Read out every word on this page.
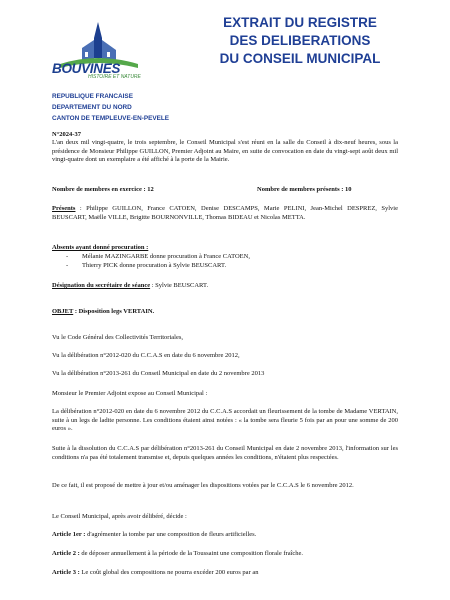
BOUVINES
HISTOIRE ET NATURE
EXTRAIT DU REGISTRE
DES DELIBERATIONS
DU CONSEIL MUNICIPAL
REPUBLIQUE FRANCAISE
DEPARTEMENT DU NORD
CANTON DE TEMPLEUVE-EN-PEVELE
N°2024-37
L'an deux mil vingt-quatre, le trois septembre, le Conseil Municipal s'est réuni en la salle du Conseil à dix-neuf heures, sous la présidence de Monsieur Philippe GUILLON, Premier Adjoint au Maire, en suite de convocation en date du vingt-sept août deux mil vingt-quatre dont un exemplaire a été affiché à la porte de la Mairie.
Nombre de membres en exercice : 12	Nombre de membres présents : 10
Présents : Philippe GUILLON, France CATOEN, Denise DESCAMPS, Marie PELINI, Jean-Michel DESPREZ, Sylvie BEUSCART, Maëlle VILLE, Brigitte BOURNONVILLE, Thomas BIDEAU et Nicolas METTA.
Absents ayant donné procuration :
- Mélanie MAZINGARBE donne procuration à France CATOEN,
- Thierry PICK donne procuration à Sylvie BEUSCART.
Désignation du secrétaire de séance : Sylvie BEUSCART.
OBJET : Disposition legs VERTAIN.
Vu le Code Général des Collectivités Territoriales,
Vu la délibération n°2012-020 du C.C.A.S en date du 6 novembre 2012,
Vu la délibération n°2013-261 du Conseil Municipal en date du 2 novembre 2013
Monsieur le Premier Adjoint expose au Conseil Municipal :
La délibération n°2012-020 en date du 6 novembre 2012 du C.C.A.S accordait un fleurissement de la tombe de Madame VERTAIN, suite à un legs de ladite personne. Les conditions étaient ainsi notées : « la tombe sera fleurie 5 fois par an pour une somme de 200 euros ».
Suite à la dissolution du C.C.A.S par délibération n°2013-261 du Conseil Municipal en date 2 novembre 2013, l'information sur les conditions n'a pas été totalement transmise et, depuis quelques années les conditions, n'étaient plus respectées.
De ce fait, il est proposé de mettre à jour et/ou aménager les dispositions votées par le C.C.A.S le 6 novembre 2012.
Le Conseil Municipal, après avoir délibéré, décide :
Article 1er : d'agrémenter la tombe par une composition de fleurs artificielles.
Article 2 : de déposer annuellement à la période de la Toussaint une composition florale fraîche.
Article 3 : Le coût global des compositions ne pourra excéder 200 euros par an
